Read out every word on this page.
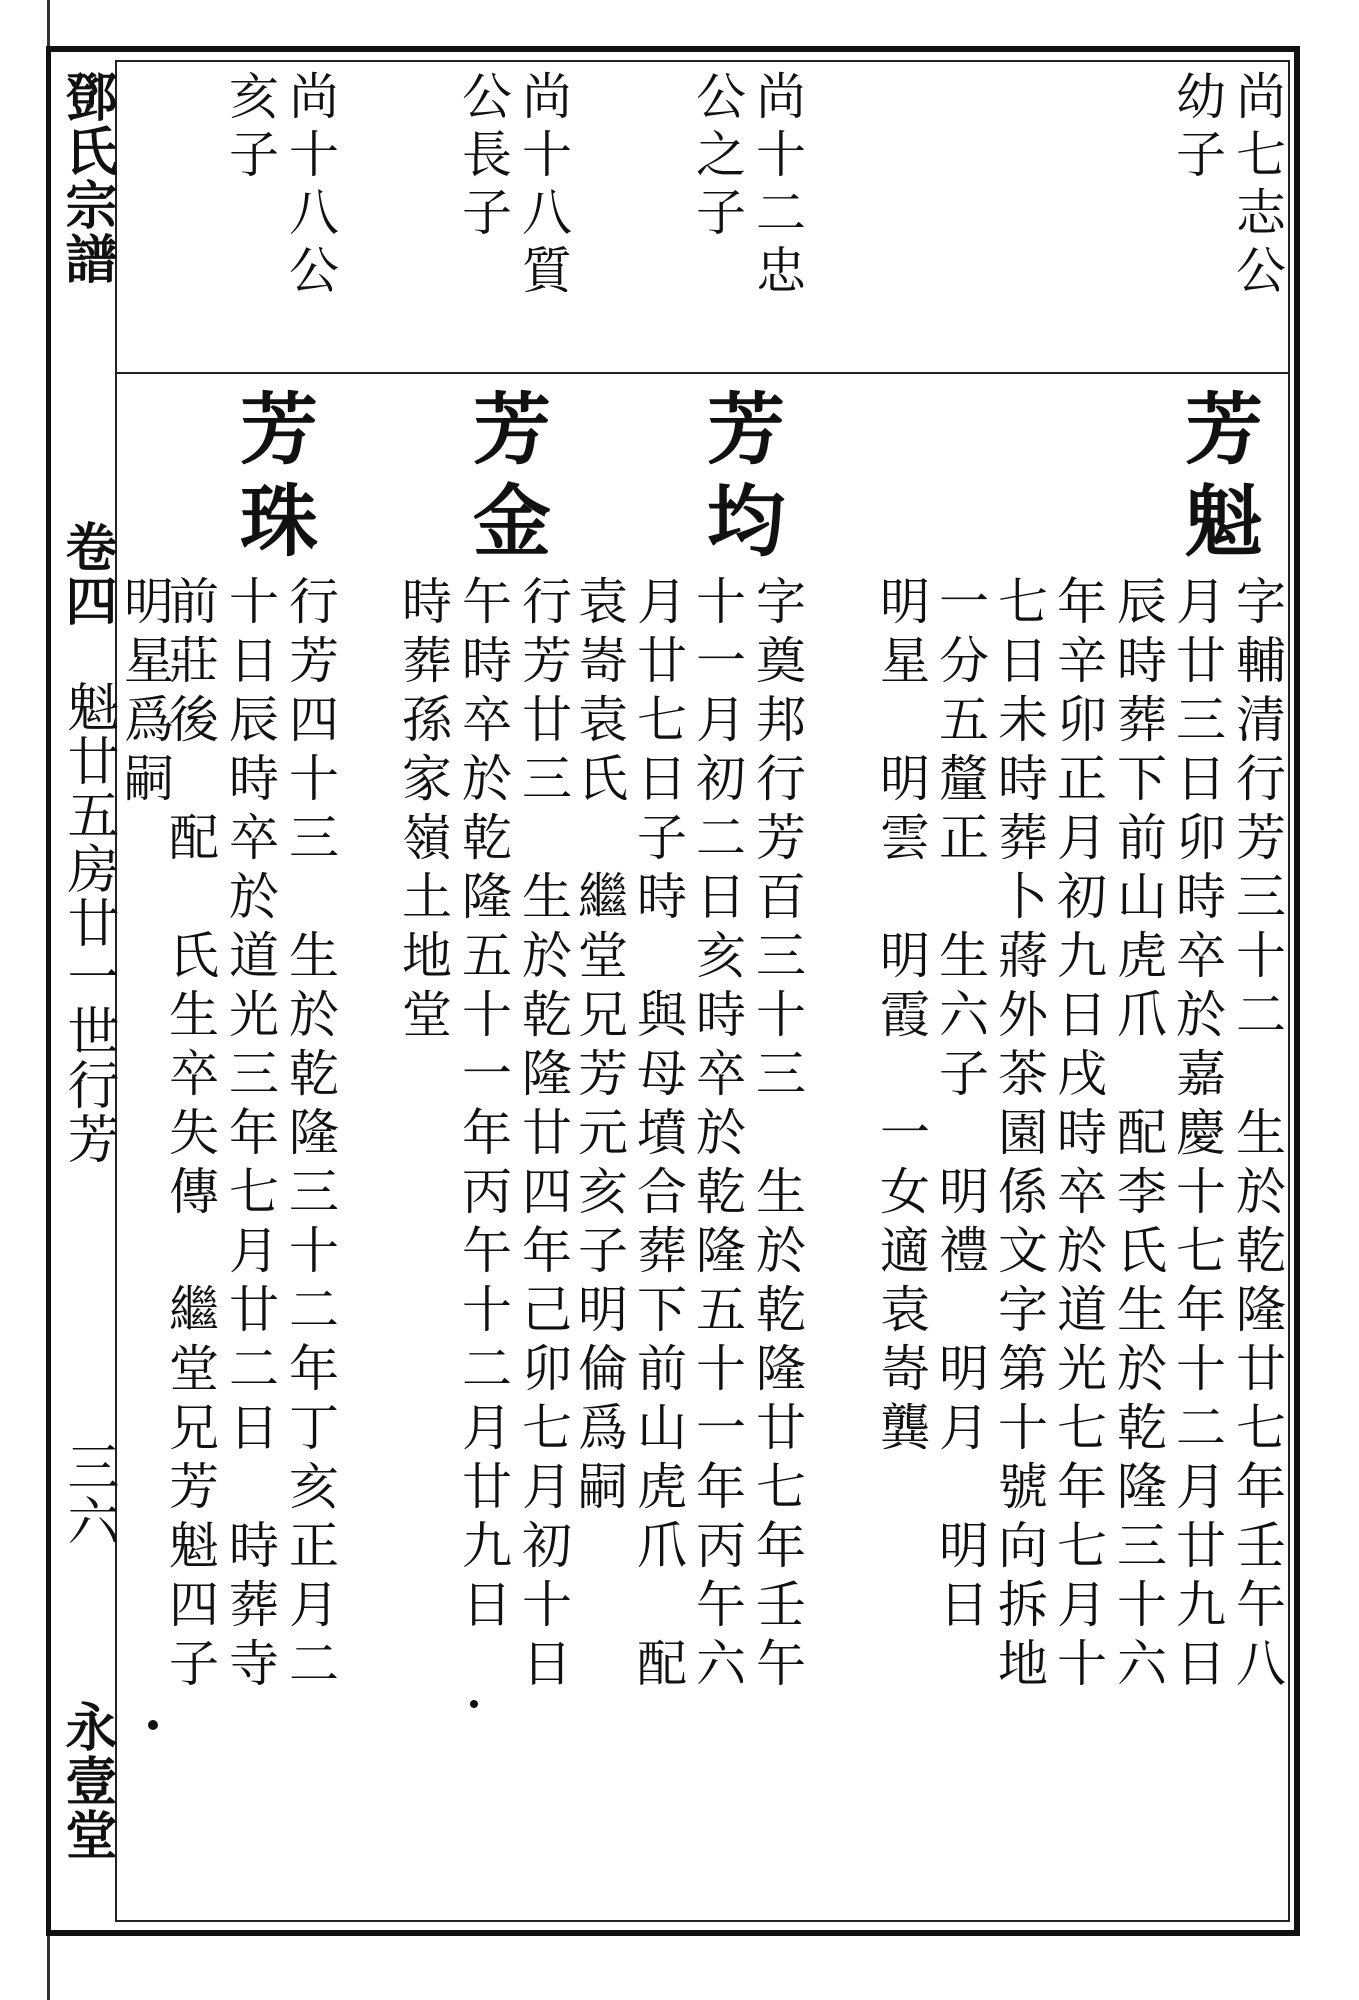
鄧氏宗譜
卷四
魁廿五房廿一世行芳
三六
永壹堂
尚七志公
幼子
尚十二忠
公之子
尚十八質
公長子
尚十八公
亥子
芳魁
字輔清行芳三十二　生於乾隆廿七年壬午八
月廿三日卯時卒於嘉慶十七年十二月廿九日
辰時葬下前山虎爪　配李氏生於乾隆三十六
年辛卯正月初九日戌時卒於道光七年七月十
七日未時葬卜蔣外茶園係文字第十號向拆地
一分五釐正　生六子　明禮　明月　明日
明星　明雲　明霞　一女適袁㟢龔
芳均
字奠邦行芳百三十三　生於乾隆廿七年壬午
十一月初二日亥時卒於乾隆五十一年丙午六
月廿七日子時　與母墳合葬下前山虎爪　配
袁㟢袁氏　繼堂兄芳元亥子明倫爲嗣
芳金
行芳廿三　生於乾隆廿四年己卯七月初十日
午時卒於乾隆五十一年丙午十二月廿九日
時葬孫家嶺土地堂
芳珠
行芳四十三　生於乾隆三十二年丁亥正月二
十日辰時卒於道光三年七月廿二日　時葬寺
前莊後　配　氏生卒失傳　繼堂兄芳魁四子
明星爲嗣
